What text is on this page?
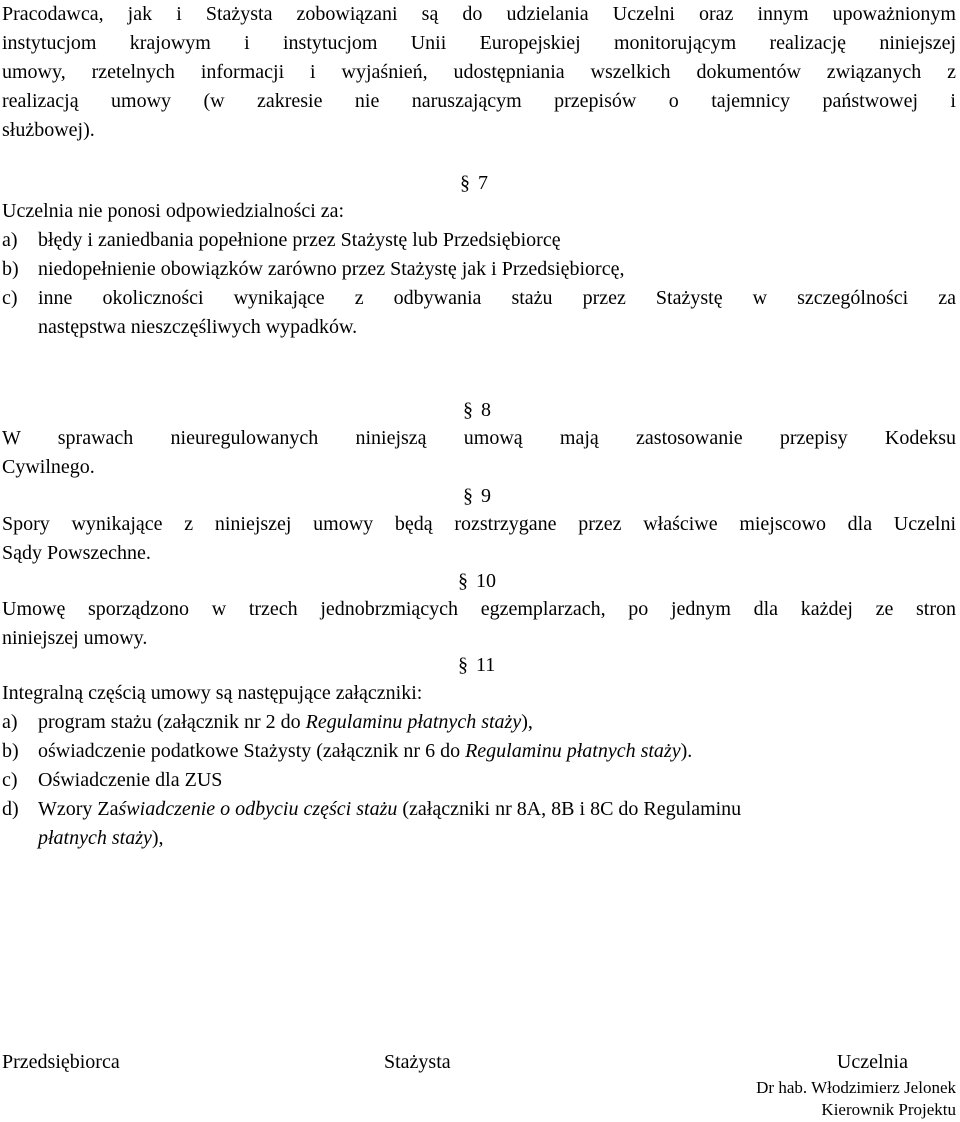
Pracodawca, jak i Stażysta zobowiązani są do udzielania Uczelni oraz innym upoważnionym
instytucjom krajowym i instytucjom Unii Europejskiej monitorującym realizację niniejszej
umowy, rzetelnych informacji i wyjaśnień, udostępniania wszelkich dokumentów związanych z
realizacją umowy (w zakresie nie naruszającym przepisów o tajemnicy państwowej i
służbowej).
§ 7
Uczelnia nie ponosi odpowiedzialności za:
a) błędy i zaniedbania popełnione przez Stażystę lub Przedsiębiorcę
b) niedopełnienie obowiązków zarówno przez Stażystę jak i Przedsiębiorcę,
c) inne okoliczności wynikające z odbywania stażu przez Stażystę w szczególności za
następstwa nieszczęśliwych wypadków.
§ 8
W sprawach nieuregulowanych niniejszą umową mają zastosowanie przepisy Kodeksu
Cywilnego.
§ 9
Spory wynikające z niniejszej umowy będą rozstrzygane przez właściwe miejscowo dla Uczelni
Sądy Powszechne.
§ 10
Umowę sporządzono w trzech jednobrzmiących egzemplarzach, po jednym dla każdej ze stron
niniejszej umowy.
§ 11
Integralną częścią umowy są następujące załączniki:
a) program stażu (załącznik nr 2 do Regulaminu płatnych staży),
b) oświadczenie podatkowe Stażysty (załącznik nr 6 do Regulaminu płatnych staży).
c) Oświadczenie dla ZUS
d) Wzory Zaświadczenie o odbyciu części stażu (załączniki nr 8A, 8B i 8C do Regulaminu
płatnych staży),
Przedsiębiorca	Stażysta	Uczelnia
Dr hab. Włodzimierz Jelonek
Kierownik Projektu
